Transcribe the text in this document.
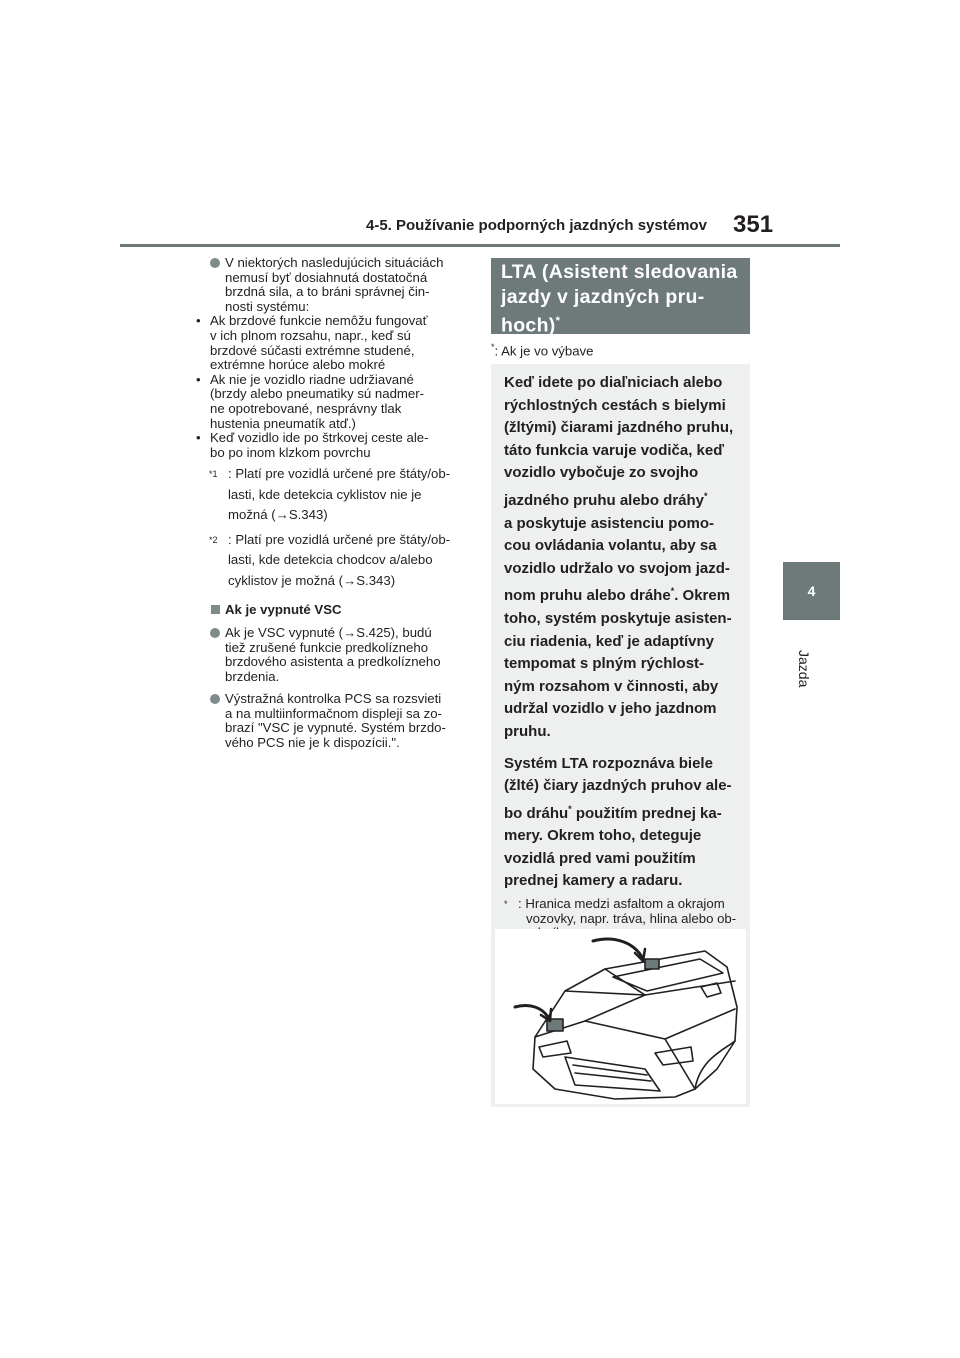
4-5. Používanie podporných jazdných systémov 351
4
Jazda
V niektorých nasledujúcich situáciách
nemusí byť dosiahnutá dostatočná
brzdná sila, a to bráni správnej čin-
nosti systému:
• Ak brzdové funkcie nemôžu fungovať
v ich plnom rozsahu, napr., keď sú
brzdové súčasti extrémne studené,
extrémne horúce alebo mokré
• Ak nie je vozidlo riadne udržiavané
(brzdy alebo pneumatiky sú nadmer-
ne opotrebované, nesprávny tlak
hustenia pneumatík atď.)
• Keď vozidlo ide po štrkovej ceste ale-
bo po inom klzkom povrchu
$^{*1}$ : Platí pre vozidlá určené pre štáty/ob-
lasti, kde detekcia cyklistov nie je
možná (→S.343)
$^{*2}$ : Platí pre vozidlá určené pre štáty/ob-
lasti, kde detekcia chodcov a/alebo
cyklistov je možná (→S.343)
Ak je vypnuté VSC
Ak je VSC vypnuté (→S.425), budú
tiež zrušené funkcie predkolízneho
brzdového asistenta a predkolízneho
brzdenia.
Výstražná kontrolka PCS sa rozsvieti
a na multiinformačnom displeji sa zo-
brazí "VSC je vypnuté. Systém brzdo-
vého PCS nie je k dispozícii.".
LTA (Asistent sledovania
jazdy v jazdných pru-
hoch)*
*: Ak je vo výbave
Keď idete po diaľniciach alebo
rýchlostných cestách s bielymi
(žltými) čiarami jazdného pruhu,
táto funkcia varuje vodiča, keď
vozidlo vybočuje zo svojho
jazdného pruhu alebo dráhy*
a poskytuje asistenciu pomo-
cou ovládania volantu, aby sa
vozidlo udržalo vo svojom jazd-
nom pruhu alebo dráhe*. Okrem
toho, systém poskytuje asisten-
ciu riadenia, keď je adaptívny
tempomat s plným rýchlost-
ným rozsahom v činnosti, aby
udržal vozidlo v jeho jazdnom
pruhu.
Systém LTA rozpoznáva biele
(žlté) čiary jazdných pruhov ale-
bo dráhu* použitím prednej ka-
mery. Okrem toho, deteguje
vozidlá pred vami použitím
prednej kamery a radaru.
* : Hranica medzi asfaltom a okrajom
vozovky, napr. tráva, hlina alebo ob-
